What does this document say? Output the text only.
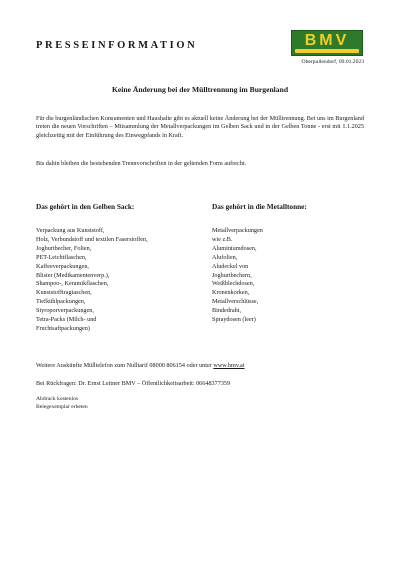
PRESSEINFORMATION	BMV
Oberpullendorf, 09.01.2023
Keine Änderung bei der Mülltrennung im Burgenland

Für die burgenländischen Konsumenten und Haushalte gibt es aktuell keine Änderung bei der Mülltrennung. Bei uns im Burgenland treten die neuen Vorschriften – Mitsammlung der Metallverpackungen im Gelben Sack und in der Gelben Tonne - erst mit 1.1.2025 gleichzeitig mit der Einführung des Einwegpfands in Kraft.

Bis dahin bleiben die bestehenden Trennvorschriften in der geltenden Form aufrecht.

Das gehört in den Gelben Sack:	Das gehört in die Metalltonne:
Verpackung aus Kunststoff,
Holz, Verbundstoff und textilen Faserstoffen,
Joghurtbecher, Folien,
PET-Leichtflaschen,
Kaffeeverpackungen,
Blister (Medikamentenverp.),
Shampoo-, Keramikflaschen,
Kunststofftragtaschen,
Tiefkühlpackungen,
Styroporverpackungen,
Tetra-Packs (Milch- und
Fruchtsaftpackungen)
Metallverpackungen
wie z.B.
Aluminiumdosen,
Alufolien,
Aludeckel von
Joghurtbechern,
Weißblechdosen,
Kronenkorken,
Metallverschlüsse,
Bindedraht,
Spraydosen (leer)

Weitere Auskünfte Mülltelefon zum Nulltarif 08000 806154 oder unter www.bmv.at

Bei Rückfragen: Dr. Ernst Leitner BMV – Öffentlichkeitsarbeit: 06648377359

Abdruck kostenlos

Belegexemplar erbeten
